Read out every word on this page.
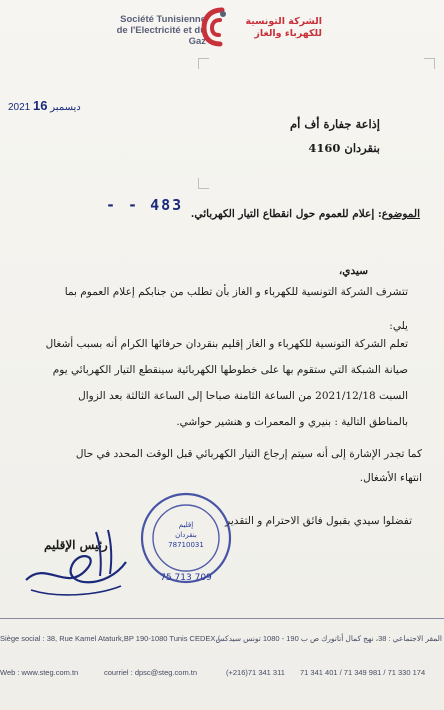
Société Tunisienne
de l'Electricité et du Gaz
الشركة التونسية
للكهرباء والغاز
2021 ديسمبر 16
إذاعة جفارة أف أم
بنقردان 4160
- - 483	الموضوع: إعلام للعموم حول انقطاع التيار الكهربائي.

سيدي،

تتشرف الشركة التونسية للكهرباء و الغاز بأن تطلب من جنابكم إعلام العموم بما

يلي:

تعلم الشركة التونسية للكهرباء و الغاز إقليم بنقردان حرفائها الكرام أنه بسبب أشغال

صيانة الشبكة التي ستقوم بها على خطوطها الكهربائية سينقطع التيار الكهربائي يوم

السبت 2021/12/18 من الساعة الثامنة صباحا إلى الساعة الثالثة بعد الزوال

بالمناطق التالية : بنيري و المعمرات و هنشير حواشي.

كما تجدر الإشارة إلى أنه سيتم إرجاع التيار الكهربائي قبل الوقت المحدد في حال

انتهاء الأشغال.

تفضلوا سيدي بقبول فائق الاحترام و التقدير

رئيس الإقليم
75 713 709
إقليم
بنقردان
78710031
Siège social : 38, Rue Kamel Ataturk,BP 190-1080 Tunis CEDEX /
المقر الاجتماعي : 38، نهج كمال أتاتورك ص ب 190 - 1080 تونس سيدكس
Web : www.steg.com.tn	courriel : dpsc@steg.com.tn	(+216)71 341 311 71 341 401 / 71 349 981 / 71 330 174
